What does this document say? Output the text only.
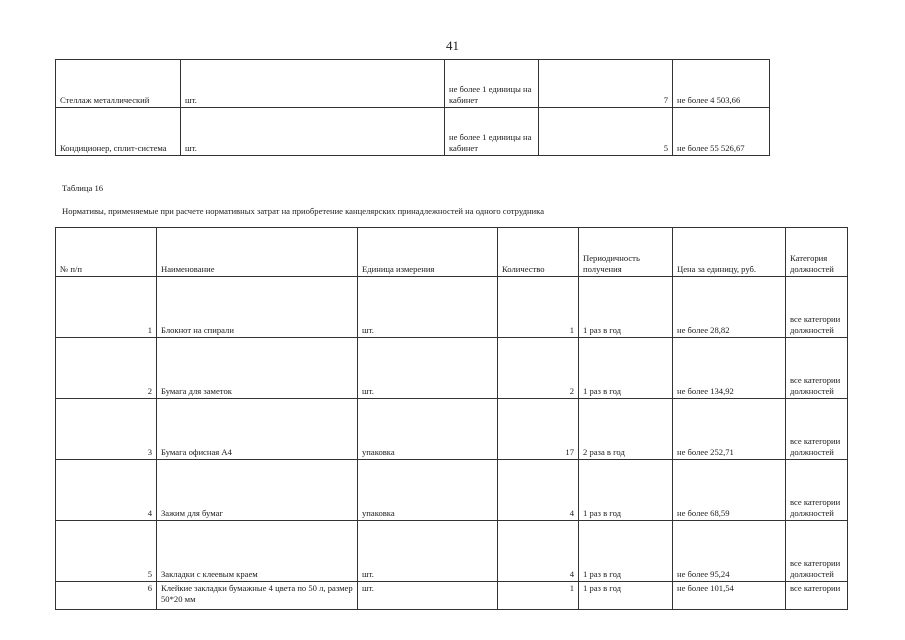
41
Стеллаж металлический	шт.	не более 1 единицы на кабинет	7	не более 4 503,66
Кондиционер, сплит-система	шт.	не более 1 единицы на кабинет	5	не более 55 526,67
Таблица 16
Нормативы, применяемые при расчете нормативных затрат на приобретение канцелярских принадлежностей на одного сотрудника
№ п/п	Наименование	Единица измерения	Количество	Периодичность получения	Цена за единицу, руб.	Категория должностей
1	Блокнот на спирали	шт.	1	1 раз в год	не более 28,82	все категории должностей
2	Бумага для заметок	шт.	2	1 раз в год	не более 134,92	все категории должностей
3	Бумага офисная А4	упаковка	17	2 раза в год	не более 252,71	все категории должностей
4	Зажим для бумаг	упаковка	4	1 раз в год	не более 68,59	все категории должностей
5	Закладки с клеевым краем	шт.	4	1 раз в год	не более 95,24	все категории должностей
6	Клейкие закладки бумажные 4 цвета по 50 л, размер 50*20 мм	шт.	1	1 раз в год	не более 101,54	все категории
